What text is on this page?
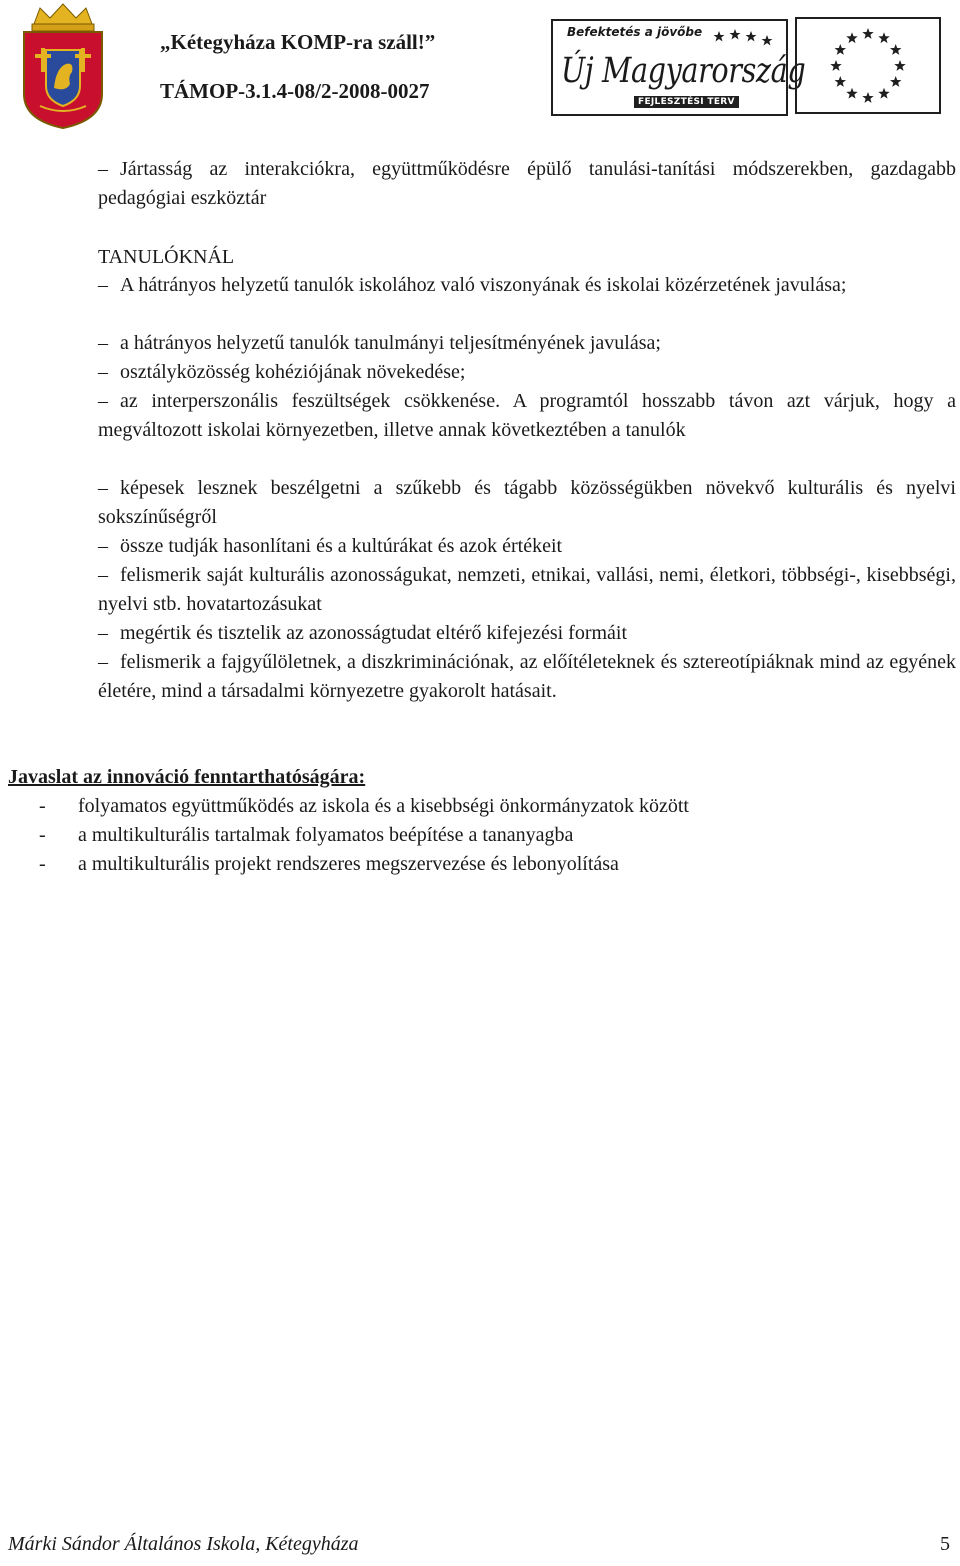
„Kétegyháza KOMP-ra száll!”
TÁMOP-3.1.4-08/2-2008-0027
Befektetés a jövőbe
Új Magyarország
FEJLESZTÉSI TERV

– Jártasság az interakciókra, együttműködésre épülő tanulási-tanítási módszerekben, gazdagabb pedagógiai eszköztár

TANULÓKNÁL

– A hátrányos helyzetű tanulók iskolához való viszonyának és iskolai közérzetének javulása;

– a hátrányos helyzetű tanulók tanulmányi teljesítményének javulása;

– osztályközösség kohéziójának növekedése;

– az interperszonális feszültségek csökkenése. A programtól hosszabb távon azt várjuk, hogy a megváltozott iskolai környezetben, illetve annak következtében a tanulók

– képesek lesznek beszélgetni a szűkebb és tágabb közösségükben növekvő kulturális és nyelvi sokszínűségről

– össze tudják hasonlítani és a kultúrákat és azok értékeit

– felismerik saját kulturális azonosságukat, nemzeti, etnikai, vallási, nemi, életkori, többségi-, kisebbségi, nyelvi stb. hovatartozásukat

– megértik és tisztelik az azonosságtudat eltérő kifejezési formáit

– felismerik a fajgyűlöletnek, a diszkriminációnak, az előítéleteknek és sztereotípiáknak mind az egyének életére, mind a társadalmi környezetre gyakorolt hatásait.

Javaslat az innováció fenntarthatóságára:
- folyamatos együttműködés az iskola és a kisebbségi önkormányzatok között
- a multikulturális tartalmak folyamatos beépítése a tananyagba
- a multikulturális projekt rendszeres megszervezése és lebonyolítása
Márki Sándor Általános Iskola, Kétegyháza	5
